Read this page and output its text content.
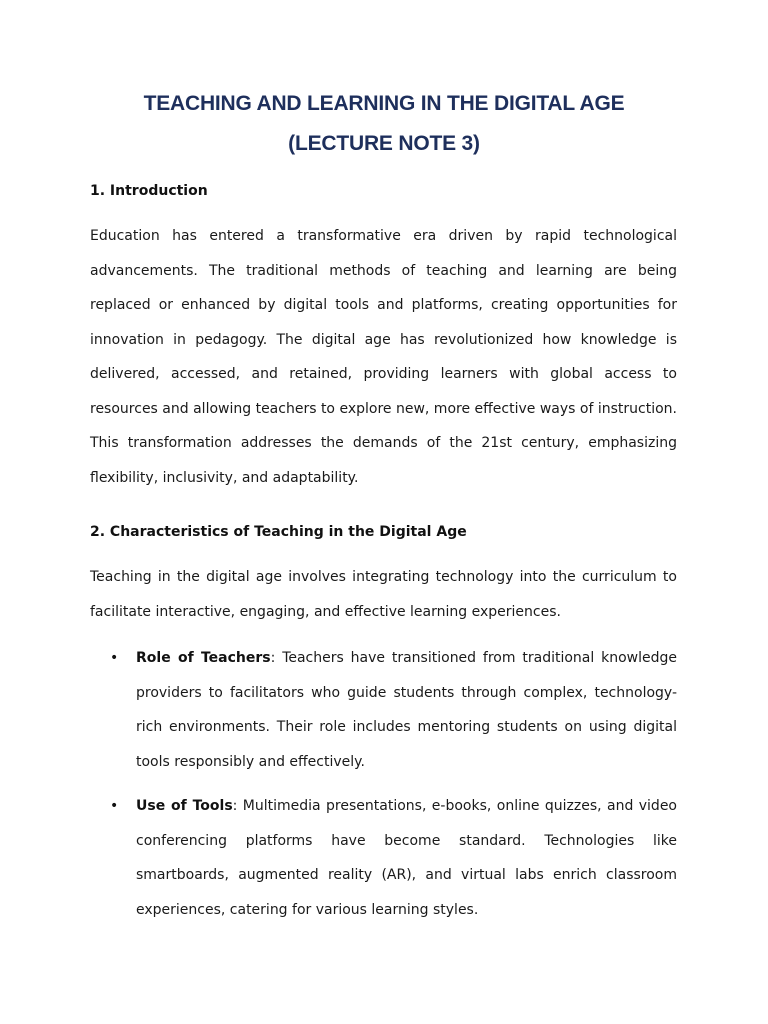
TEACHING AND LEARNING IN THE DIGITAL AGE
(LECTURE NOTE 3)
1. Introduction
Education has entered a transformative era driven by rapid technological advancements. The traditional methods of teaching and learning are being replaced or enhanced by digital tools and platforms, creating opportunities for innovation in pedagogy. The digital age has revolutionized how knowledge is delivered, accessed, and retained, providing learners with global access to resources and allowing teachers to explore new, more effective ways of instruction. This transformation addresses the demands of the 21st century, emphasizing flexibility, inclusivity, and adaptability.
2. Characteristics of Teaching in the Digital Age
Teaching in the digital age involves integrating technology into the curriculum to facilitate interactive, engaging, and effective learning experiences.
• Role of Teachers: Teachers have transitioned from traditional knowledge providers to facilitators who guide students through complex, technology-rich environments. Their role includes mentoring students on using digital tools responsibly and effectively.
• Use of Tools: Multimedia presentations, e-books, online quizzes, and video conferencing platforms have become standard. Technologies like smartboards, augmented reality (AR), and virtual labs enrich classroom experiences, catering for various learning styles.
